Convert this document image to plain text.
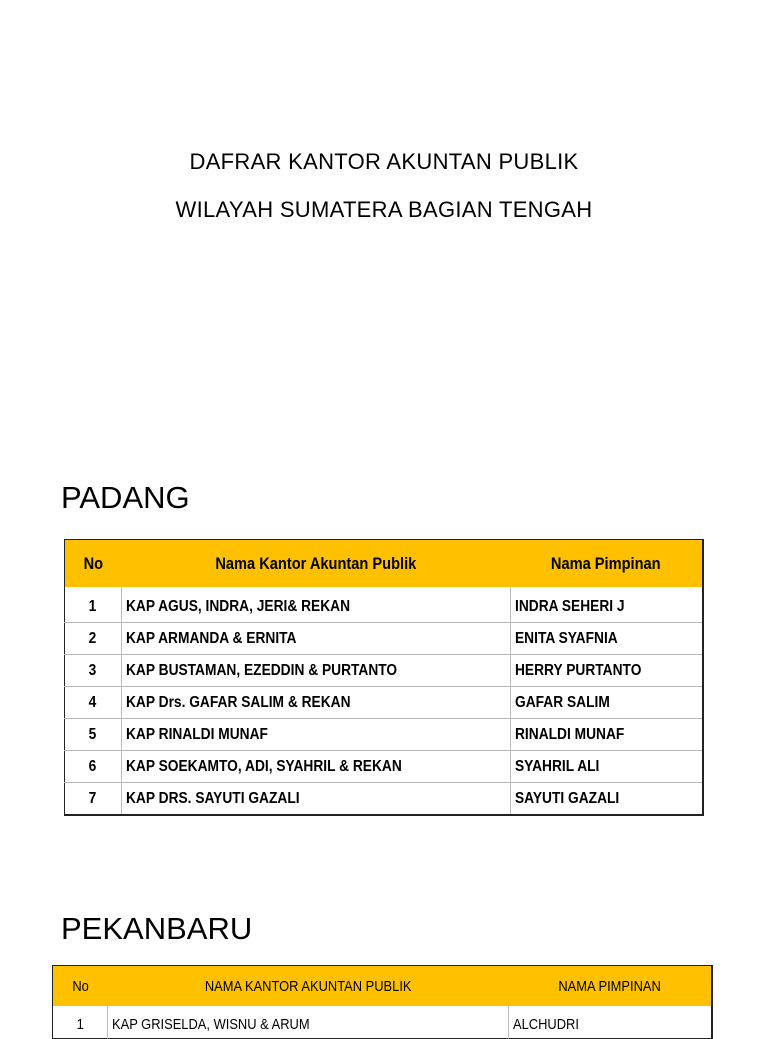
DAFRAR KANTOR AKUNTAN PUBLIK
WILAYAH SUMATERA BAGIAN TENGAH
PADANG
No	Nama Kantor Akuntan Publik	Nama Pimpinan
1	KAP AGUS, INDRA, JERI& REKAN	INDRA SEHERI J
2	KAP ARMANDA & ERNITA	ENITA SYAFNIA
3	KAP BUSTAMAN, EZEDDIN & PURTANTO	HERRY PURTANTO
4	KAP Drs. GAFAR SALIM & REKAN	GAFAR SALIM
5	KAP RINALDI MUNAF	RINALDI MUNAF
6	KAP SOEKAMTO, ADI, SYAHRIL & REKAN	SYAHRIL ALI
7	KAP DRS. SAYUTI GAZALI	SAYUTI GAZALI
PEKANBARU
No	NAMA KANTOR AKUNTAN PUBLIK	NAMA PIMPINAN
1	KAP GRISELDA, WISNU & ARUM	ALCHUDRI
